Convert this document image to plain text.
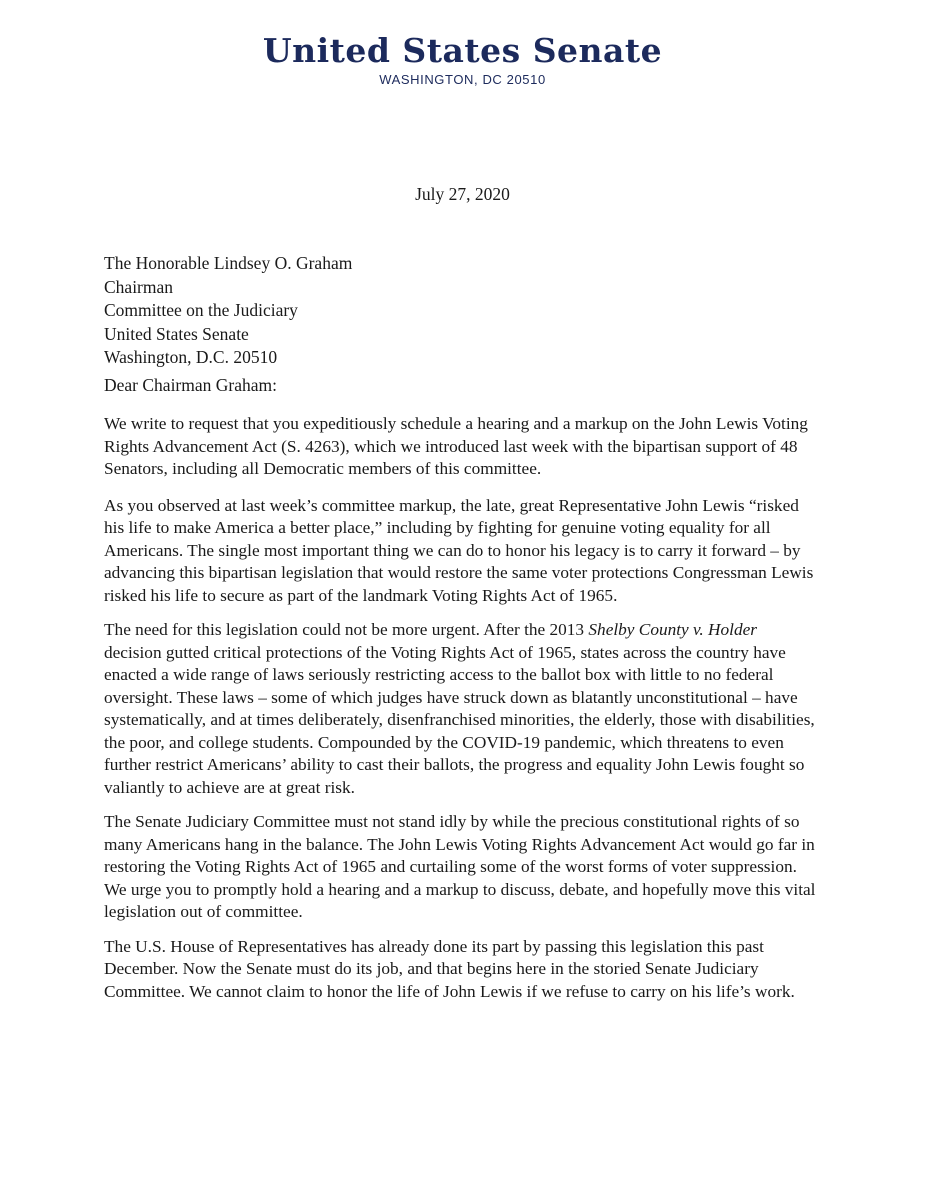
United States Senate
WASHINGTON, DC 20510
July 27, 2020
The Honorable Lindsey O. Graham
Chairman
Committee on the Judiciary
United States Senate
Washington, D.C. 20510
Dear Chairman Graham:

We write to request that you expeditiously schedule a hearing and a markup on the John Lewis Voting Rights Advancement Act (S. 4263), which we introduced last week with the bipartisan support of 48 Senators, including all Democratic members of this committee.

As you observed at last week’s committee markup, the late, great Representative John Lewis “risked his life to make America a better place,” including by fighting for genuine voting equality for all Americans. The single most important thing we can do to honor his legacy is to carry it forward – by advancing this bipartisan legislation that would restore the same voter protections Congressman Lewis risked his life to secure as part of the landmark Voting Rights Act of 1965.

The need for this legislation could not be more urgent. After the 2013 Shelby County v. Holder decision gutted critical protections of the Voting Rights Act of 1965, states across the country have enacted a wide range of laws seriously restricting access to the ballot box with little to no federal oversight. These laws – some of which judges have struck down as blatantly unconstitutional – have systematically, and at times deliberately, disenfranchised minorities, the elderly, those with disabilities, the poor, and college students. Compounded by the COVID-19 pandemic, which threatens to even further restrict Americans’ ability to cast their ballots, the progress and equality John Lewis fought so valiantly to achieve are at great risk.

The Senate Judiciary Committee must not stand idly by while the precious constitutional rights of so many Americans hang in the balance. The John Lewis Voting Rights Advancement Act would go far in restoring the Voting Rights Act of 1965 and curtailing some of the worst forms of voter suppression. We urge you to promptly hold a hearing and a markup to discuss, debate, and hopefully move this vital legislation out of committee.

The U.S. House of Representatives has already done its part by passing this legislation this past December. Now the Senate must do its job, and that begins here in the storied Senate Judiciary Committee. We cannot claim to honor the life of John Lewis if we refuse to carry on his life’s work.
